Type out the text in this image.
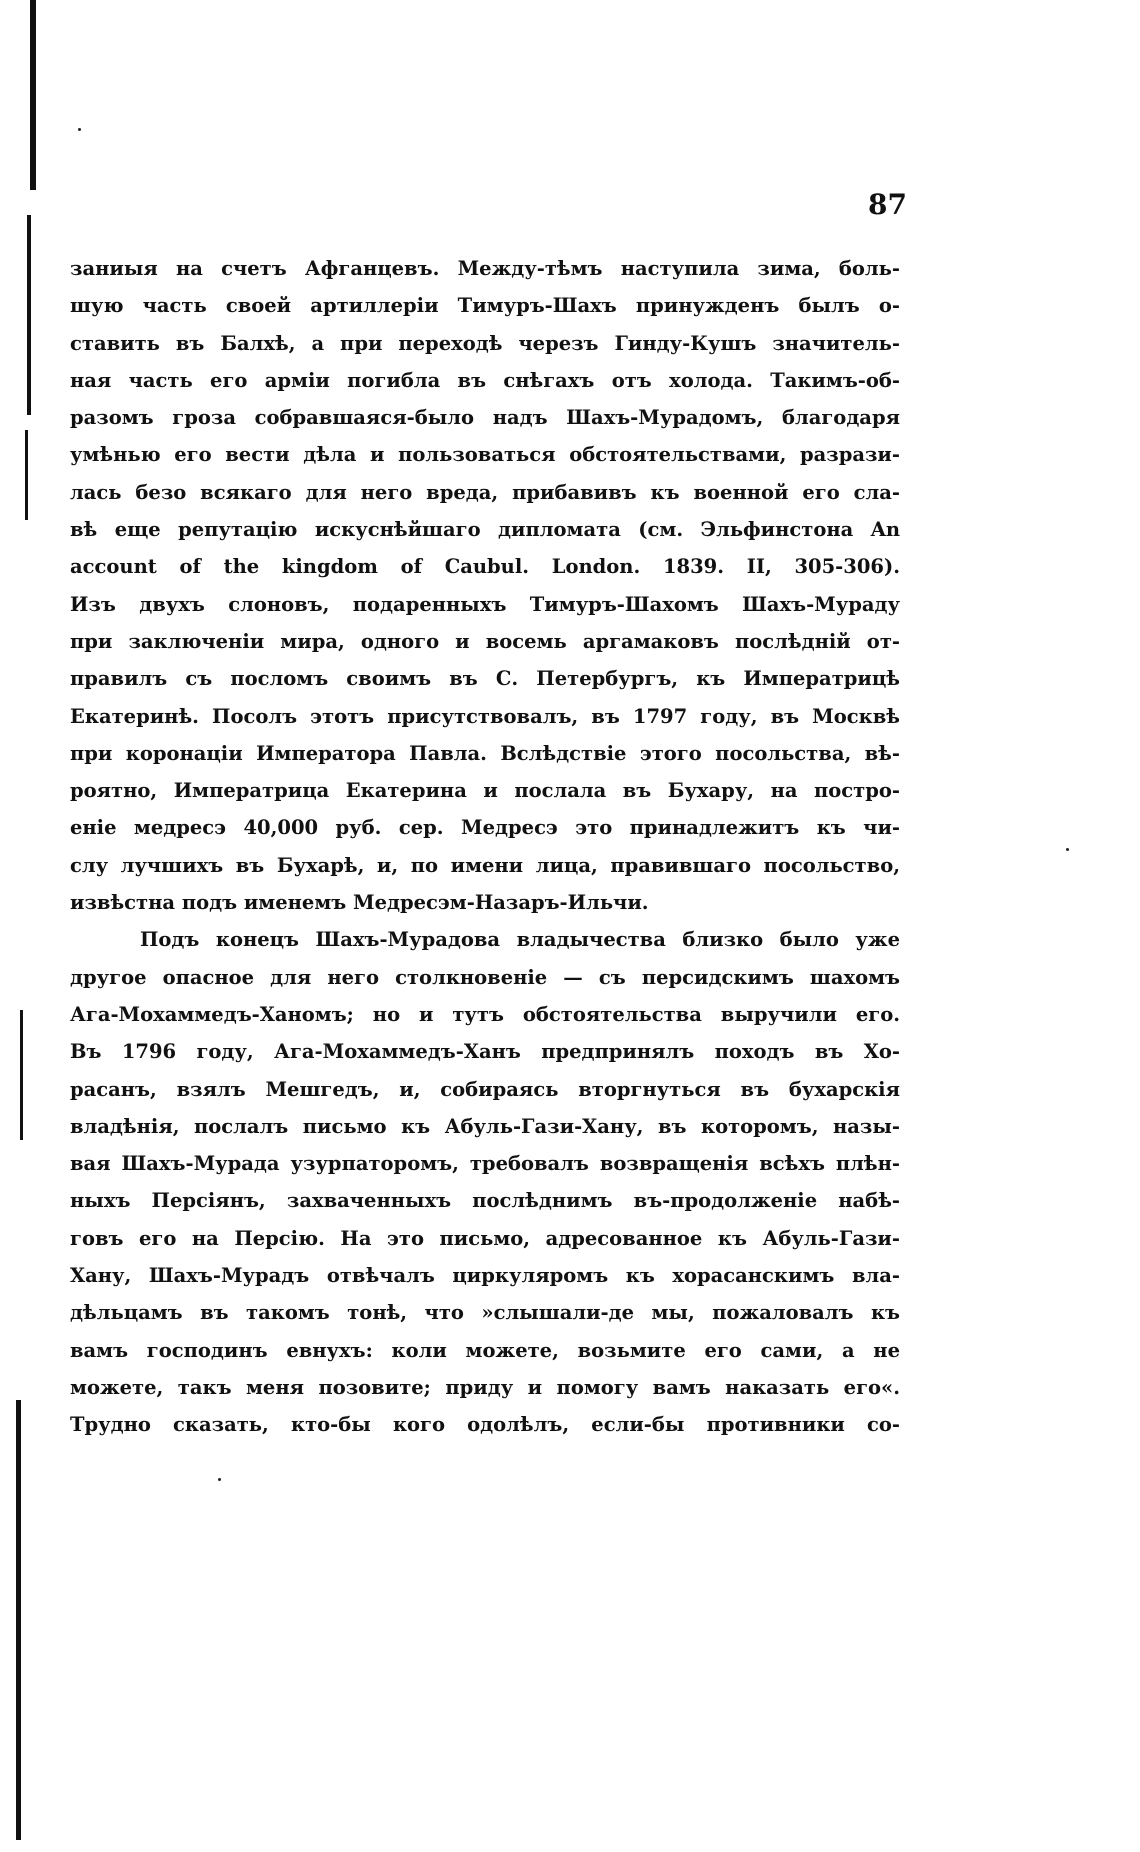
87
заниыя на счетъ Афганцевъ. Между-тѣмъ наступила зима, боль-
шую часть своей артиллеріи Тимуръ-Шахъ принужденъ былъ о-
ставить въ Балхѣ, а при переходѣ черезъ Гинду-Кушъ значитель-
ная часть его арміи погибла въ снѣгахъ отъ холода. Такимъ-об-
разомъ гроза собравшаяся-было надъ Шахъ-Мурадомъ, благодаря
умѣнью его вести дѣла и пользоваться обстоятельствами, разрази-
лась безо всякаго для него вреда, прибавивъ къ военной его сла-
вѣ еще репутацію искуснѣйшаго дипломата (см. Эльфинстона An
account of the kingdom of Caubul. London. 1839. II, 305-306).
Изъ двухъ слоновъ, подаренныхъ Тимуръ-Шахомъ Шахъ-Мураду
при заключеніи мира, одного и восемь аргамаковъ послѣдній от-
правилъ съ посломъ своимъ въ С. Петербургъ, къ Императрицѣ
Екатеринѣ. Посолъ этотъ присутствовалъ, въ 1797 году, въ Москвѣ
при коронаціи Императора Павла. Вслѣдствіе этого посольства, вѣ-
роятно, Императрица Екатерина и послала въ Бухару, на постро-
еніе медресэ 40,000 руб. сер. Медресэ это принадлежитъ къ чи-
слу лучшихъ въ Бухарѣ, и, по имени лица, правившаго посольство,
извѣстна подъ именемъ Медресэм-Назаръ-Ильчи.
Подъ конецъ Шахъ-Мурадова владычества близко было уже
другое опасное для него столкновеніе — съ персидскимъ шахомъ
Ага-Мохаммедъ-Ханомъ; но и тутъ обстоятельства выручили его.
Въ 1796 году, Ага-Мохаммедъ-Ханъ предпринялъ походъ въ Хо-
расанъ, взялъ Мешгедъ, и, собираясь вторгнуться въ бухарскія
владѣнія, послалъ письмо къ Абуль-Гази-Хану, въ которомъ, назы-
вая Шахъ-Мурада узурпаторомъ, требовалъ возвращенія всѣхъ плѣн-
ныхъ Персіянъ, захваченныхъ послѣднимъ въ-продолженіе набѣ-
говъ его на Персію. На это письмо, адресованное къ Абуль-Гази-
Хану, Шахъ-Мурадъ отвѣчалъ циркуляромъ къ хорасанскимъ вла-
дѣльцамъ въ такомъ тонѣ, что »слышали-де мы, пожаловалъ къ
вамъ господинъ евнухъ: коли можете, возьмите его сами, а не
можете, такъ меня позовите; приду и помогу вамъ наказать его«.
Трудно сказать, кто-бы кого одолѣлъ, если-бы противники со-
